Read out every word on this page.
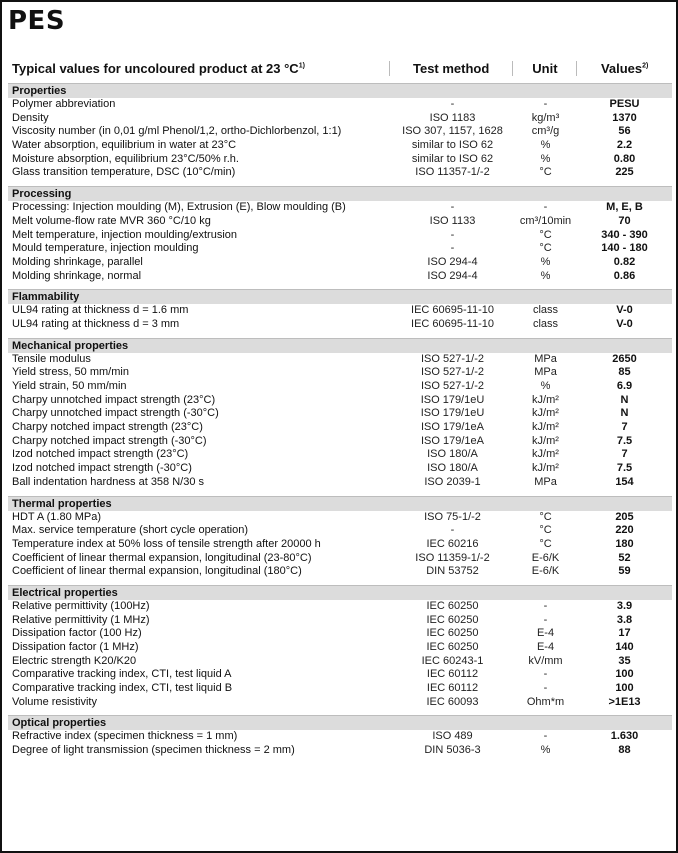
PES
Typical values for uncoloured product at 23 $^\circ C^{1)}$	Test method	Unit	Values$^{2)}$
Properties
Polymer abbreviation	-	-	PESU
Density	ISO 1183	kg/m³	1370
Viscosity number (in 0,01 g/ml Phenol/1,2, ortho-Dichlorbenzol, 1:1)	ISO 307, 1157, 1628	cm³/g	56
Water absorption, equilibrium in water at 23°C	similar to ISO 62	%	2.2
Moisture absorption, equilibrium 23°C/50% r.h.	similar to ISO 62	%	0.80
Glass transition temperature, DSC (10°C/min)	ISO 11357-1/-2	°C	225
Processing
Processing: Injection moulding (M), Extrusion (E), Blow moulding (B)	-	-	M, E, B
Melt volume-flow rate MVR 360 °C/10 kg	ISO 1133	cm³/10min	70
Melt temperature, injection moulding/extrusion	-	°C	340 - 390
Mould temperature, injection moulding	-	°C	140 - 180
Molding shrinkage, parallel	ISO 294-4	%	0.82
Molding shrinkage, normal	ISO 294-4	%	0.86
Flammability
UL94 rating at thickness d = 1.6 mm	IEC 60695-11-10	class	V-0
UL94 rating at thickness d = 3 mm	IEC 60695-11-10	class	V-0
Mechanical properties
Tensile modulus	ISO 527-1/-2	MPa	2650
Yield stress, 50 mm/min	ISO 527-1/-2	MPa	85
Yield strain, 50 mm/min	ISO 527-1/-2	%	6.9
Charpy unnotched impact strength (23°C)	ISO 179/1eU	kJ/m²	N
Charpy unnotched impact strength (-30°C)	ISO 179/1eU	kJ/m²	N
Charpy notched impact strength (23°C)	ISO 179/1eA	kJ/m²	7
Charpy notched impact strength (-30°C)	ISO 179/1eA	kJ/m²	7.5
Izod notched impact strength (23°C)	ISO 180/A	kJ/m²	7
Izod notched impact strength (-30°C)	ISO 180/A	kJ/m²	7.5
Ball indentation hardness at 358 N/30 s	ISO 2039-1	MPa	154
Thermal properties
HDT A (1.80 MPa)	ISO 75-1/-2	°C	205
Max. service temperature (short cycle operation)	-	°C	220
Temperature index at 50% loss of tensile strength after 20000 h	IEC 60216	°C	180
Coefficient of linear thermal expansion, longitudinal (23-80°C)	ISO 11359-1/-2	E-6/K	52
Coefficient of linear thermal expansion, longitudinal (180°C)	DIN 53752	E-6/K	59
Electrical properties
Relative permittivity (100Hz)	IEC 60250	-	3.9
Relative permittivity (1 MHz)	IEC 60250	-	3.8
Dissipation factor (100 Hz)	IEC 60250	E-4	17
Dissipation factor (1 MHz)	IEC 60250	E-4	140
Electric strength K20/K20	IEC 60243-1	kV/mm	35
Comparative tracking index, CTI, test liquid A	IEC 60112	-	100
Comparative tracking index, CTI, test liquid B	IEC 60112	-	100
Volume resistivity	IEC 60093	Ohm*m	>1E13
Optical properties
Refractive index (specimen thickness = 1 mm)	ISO 489	-	1.630
Degree of light transmission (specimen thickness = 2 mm)	DIN 5036-3	%	88
